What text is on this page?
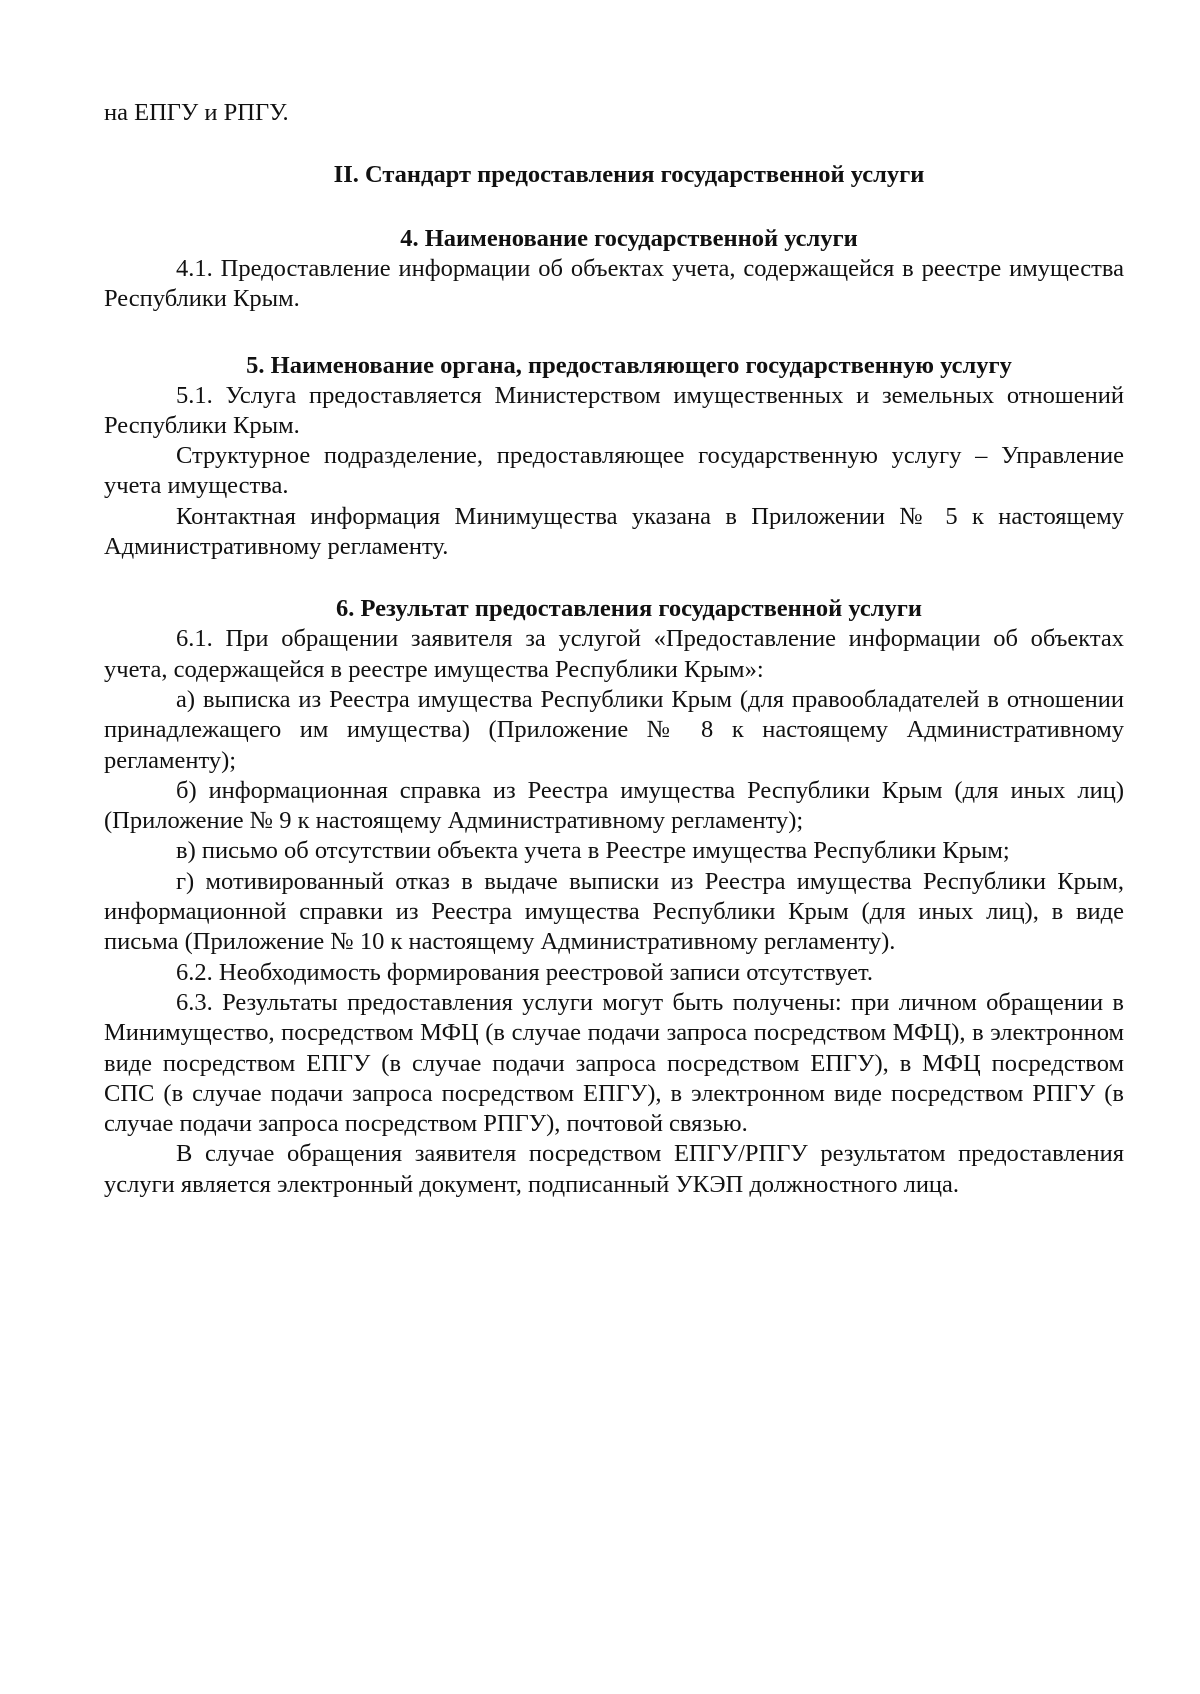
на ЕПГУ и РПГУ.

II. Стандарт предоставления государственной услуги
4. Наименование государственной услуги

4.1. Предоставление информации об объектах учета, содержащейся в реестре имущества Республики Крым.

5. Наименование органа, предоставляющего государственную услугу

5.1. Услуга предоставляется Министерством имущественных и земельных отношений Республики Крым.

Структурное подразделение, предоставляющее государственную услугу – Управление учета имущества.

Контактная информация Минимущества указана в Приложении № 5 к настоящему Административному регламенту.

6. Результат предоставления государственной услуги

6.1. При обращении заявителя за услугой «Предоставление информации об объектах учета, содержащейся в реестре имущества Республики Крым»:

а) выписка из Реестра имущества Республики Крым (для правообладателей в отношении принадлежащего им имущества) (Приложение № 8 к настоящему Административному регламенту);

б) информационная справка из Реестра имущества Республики Крым (для иных лиц) (Приложение № 9 к настоящему Административному регламенту);

в) письмо об отсутствии объекта учета в Реестре имущества Республики Крым;

г) мотивированный отказ в выдаче выписки из Реестра имущества Республики Крым, информационной справки из Реестра имущества Республики Крым (для иных лиц), в виде письма (Приложение № 10 к настоящему Административному регламенту).

6.2. Необходимость формирования реестровой записи отсутствует.

6.3. Результаты предоставления услуги могут быть получены: при личном обращении в Минимущество, посредством МФЦ (в случае подачи запроса посредством МФЦ), в электронном виде посредством ЕПГУ (в случае подачи запроса посредством ЕПГУ), в МФЦ посредством СПС (в случае подачи запроса посредством ЕПГУ), в электронном виде посредством РПГУ (в случае подачи запроса посредством РПГУ), почтовой связью.

В случае обращения заявителя посредством ЕПГУ/РПГУ результатом предоставления услуги является электронный документ, подписанный УКЭП должностного лица.
